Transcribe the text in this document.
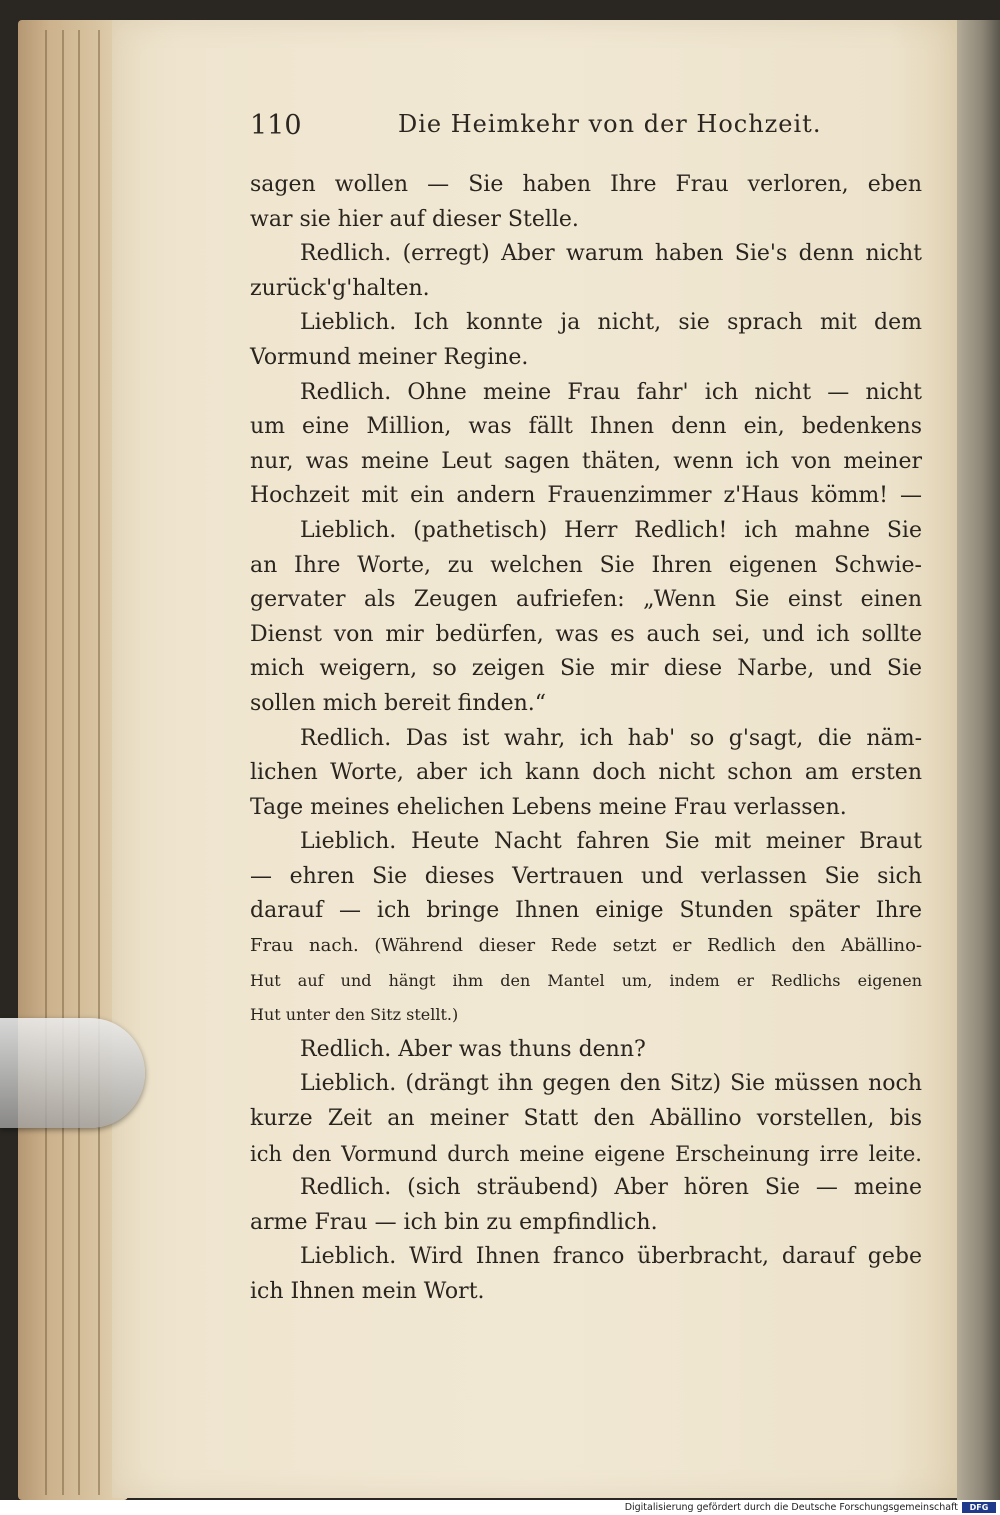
110	Die Heimkehr von der Hochzeit.
sagen wollen — Sie haben Ihre Frau verloren, eben
war sie hier auf dieser Stelle.
Redlich. (erregt) Aber warum haben Sie's denn nicht
zurück'g'halten.
Lieblich. Ich konnte ja nicht, sie sprach mit dem
Vormund meiner Regine.
Redlich. Ohne meine Frau fahr' ich nicht — nicht
um eine Million, was fällt Ihnen denn ein, bedenkens
nur, was meine Leut sagen thäten, wenn ich von meiner
Hochzeit mit ein andern Frauenzimmer z'Haus kömm! —
Lieblich. (pathetisch) Herr Redlich! ich mahne Sie
an Ihre Worte, zu welchen Sie Ihren eigenen Schwie-
gervater als Zeugen aufriefen: „Wenn Sie einst einen
Dienst von mir bedürfen, was es auch sei, und ich sollte
mich weigern, so zeigen Sie mir diese Narbe, und Sie
sollen mich bereit finden.“
Redlich. Das ist wahr, ich hab' so g'sagt, die näm-
lichen Worte, aber ich kann doch nicht schon am ersten
Tage meines ehelichen Lebens meine Frau verlassen.
Lieblich. Heute Nacht fahren Sie mit meiner Braut
— ehren Sie dieses Vertrauen und verlassen Sie sich
darauf — ich bringe Ihnen einige Stunden später Ihre
Frau nach. (Während dieser Rede setzt er Redlich den Abällino-
Hut auf und hängt ihm den Mantel um, indem er Redlichs eigenen
Hut unter den Sitz stellt.)
Redlich. Aber was thuns denn?
Lieblich. (drängt ihn gegen den Sitz) Sie müssen noch
kurze Zeit an meiner Statt den Abällino vorstellen, bis
ich den Vormund durch meine eigene Erscheinung irre leite.
Redlich. (sich sträubend) Aber hören Sie — meine
arme Frau — ich bin zu empfindlich.
Lieblich. Wird Ihnen franco überbracht, darauf gebe
ich Ihnen mein Wort.
Digitalisierung gefördert durch die Deutsche Forschungsgemeinschaft	DFG
